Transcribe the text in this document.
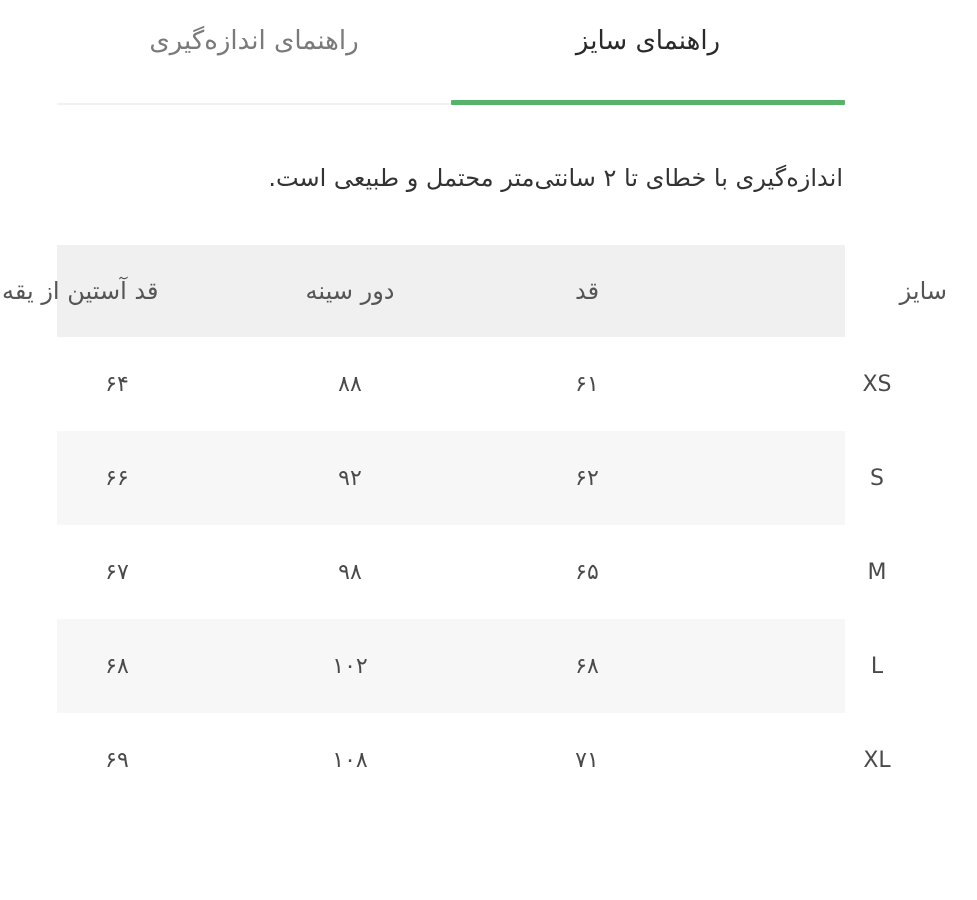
راهنمای سایز
راهنمای اندازه‌گیری
اندازه‌گیری با خطای تا ۲ سانتی‌متر محتمل و طبیعی است.
سایز
قد
دور سینه
قد آستین از یقه
XS
۶۱
۸۸
۶۴
S
۶۲
۹۲
۶۶
M
۶۵
۹۸
۶۷
L
۶۸
۱۰۲
۶۸
XL
۷۱
۱۰۸
۶۹
